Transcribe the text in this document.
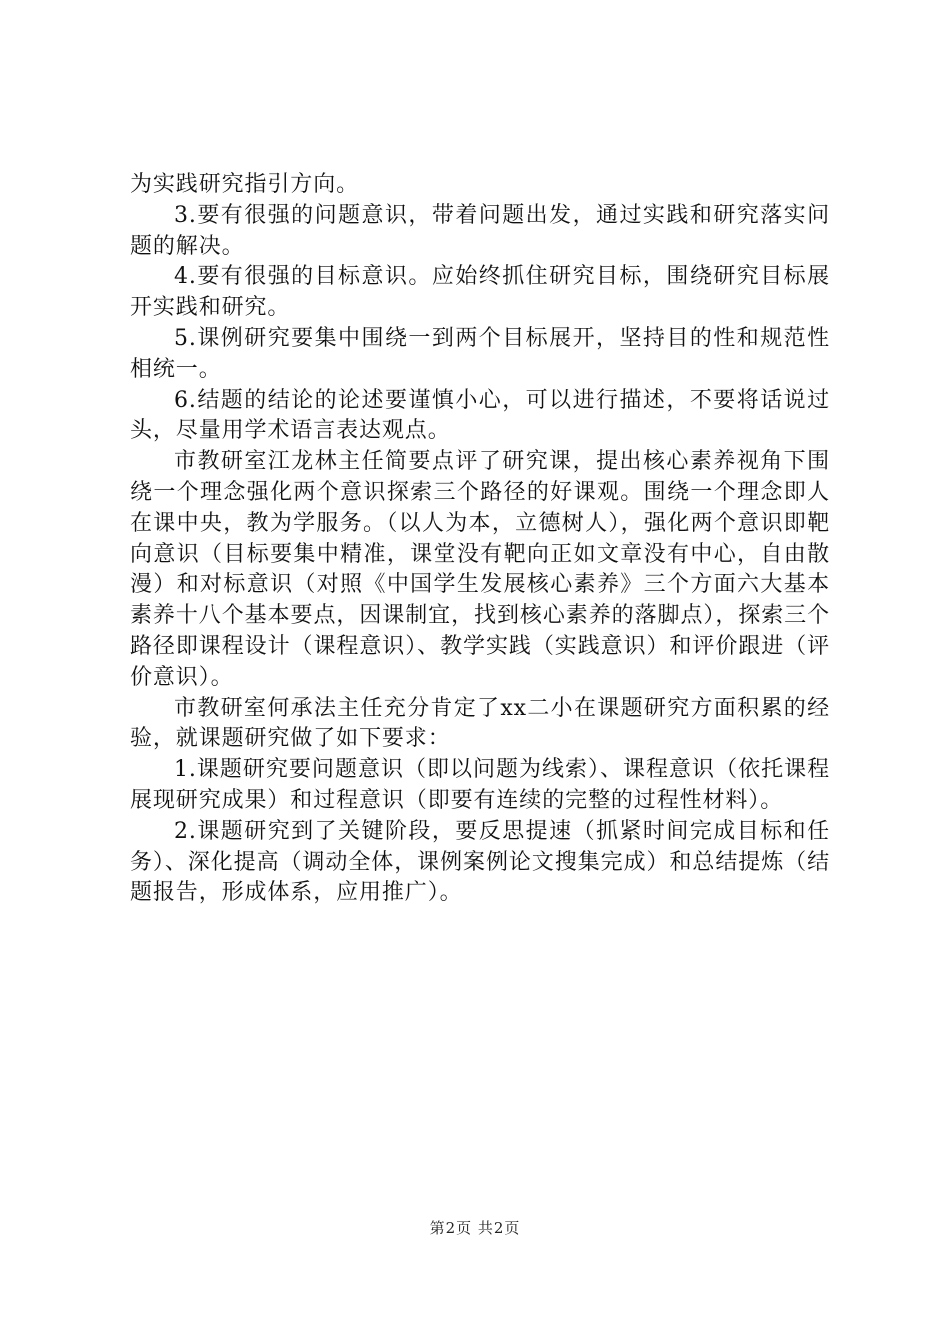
为实践研究指引方向。

3.要有很强的问题意识，带着问题出发，通过实践和研究落实问题的解决。

4.要有很强的目标意识。应始终抓住研究目标，围绕研究目标展开实践和研究。

5.课例研究要集中围绕一到两个目标展开，坚持目的性和规范性相统一。

6.结题的结论的论述要谨慎小心，可以进行描述，不要将话说过头，尽量用学术语言表达观点。

市教研室江龙林主任简要点评了研究课，提出核心素养视角下围绕一个理念强化两个意识探索三个路径的好课观。围绕一个理念即人在课中央，教为学服务。（以人为本，立德树人），强化两个意识即靶向意识（目标要集中精准，课堂没有靶向正如文章没有中心，自由散漫）和对标意识（对照《中国学生发展核心素养》三个方面六大基本素养十八个基本要点，因课制宜，找到核心素养的落脚点），探索三个路径即课程设计（课程意识）、教学实践（实践意识）和评价跟进（评价意识）。

市教研室何承法主任充分肯定了xx二小在课题研究方面积累的经验，就课题研究做了如下要求：

1.课题研究要问题意识（即以问题为线索）、课程意识（依托课程展现研究成果）和过程意识（即要有连续的完整的过程性材料）。

2.课题研究到了关键阶段，要反思提速（抓紧时间完成目标和任务）、深化提高（调动全体，课例案例论文搜集完成）和总结提炼（结题报告，形成体系，应用推广）。

第2页 共2页
